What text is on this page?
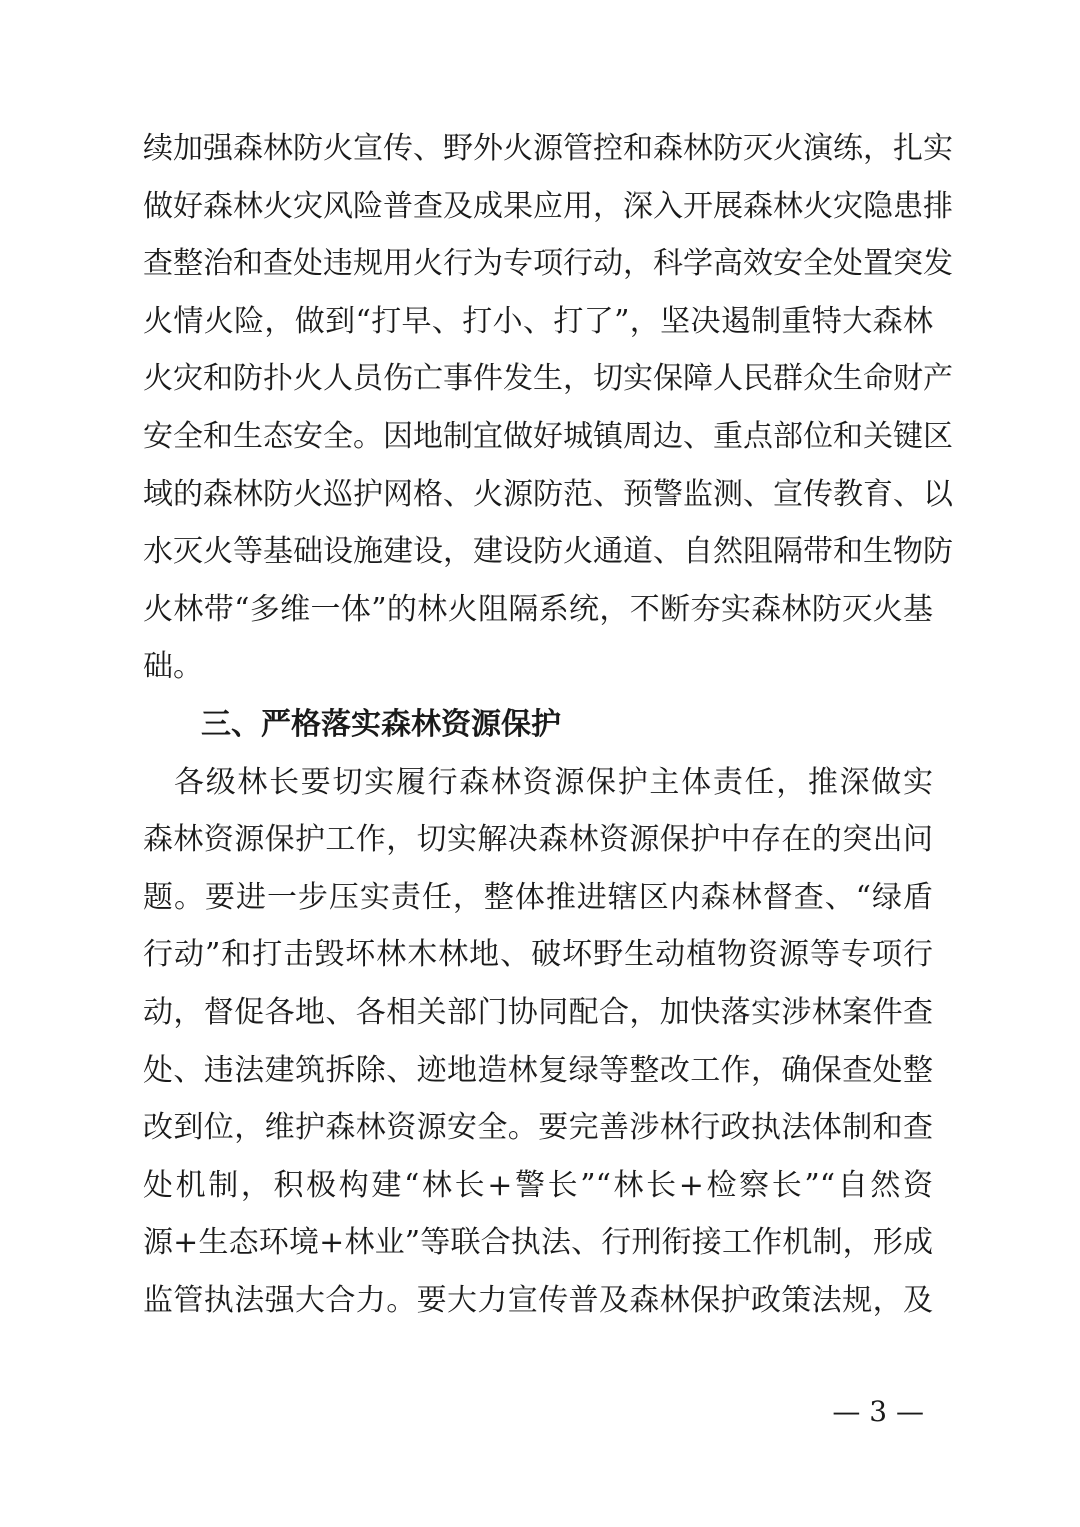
续加强森林防火宣传、野外火源管控和森林防灭火演练，扎实
做好森林火灾风险普查及成果应用，深入开展森林火灾隐患排
查整治和查处违规用火行为专项行动，科学高效安全处置突发
火情火险，做到“打早、打小、打了”，坚决遏制重特大森林
火灾和防扑火人员伤亡事件发生，切实保障人民群众生命财产
安全和生态安全。因地制宜做好城镇周边、重点部位和关键区
域的森林防火巡护网格、火源防范、预警监测、宣传教育、以
水灭火等基础设施建设，建设防火通道、自然阻隔带和生物防
火林带“多维一体”的林火阻隔系统，不断夯实森林防灭火基
础。
三、严格落实森林资源保护
各级林长要切实履行森林资源保护主体责任，推深做实
森林资源保护工作，切实解决森林资源保护中存在的突出问
题。要进一步压实责任，整体推进辖区内森林督查、“绿盾
行动”和打击毁坏林木林地、破坏野生动植物资源等专项行
动，督促各地、各相关部门协同配合，加快落实涉林案件查
处、违法建筑拆除、迹地造林复绿等整改工作，确保查处整
改到位，维护森林资源安全。要完善涉林行政执法体制和查
处机制，积极构建“林长+警长”“林长+检察长”“自然资
源+生态环境+林业”等联合执法、行刑衔接工作机制，形成
监管执法强大合力。要大力宣传普及森林保护政策法规，及
— 3 —
